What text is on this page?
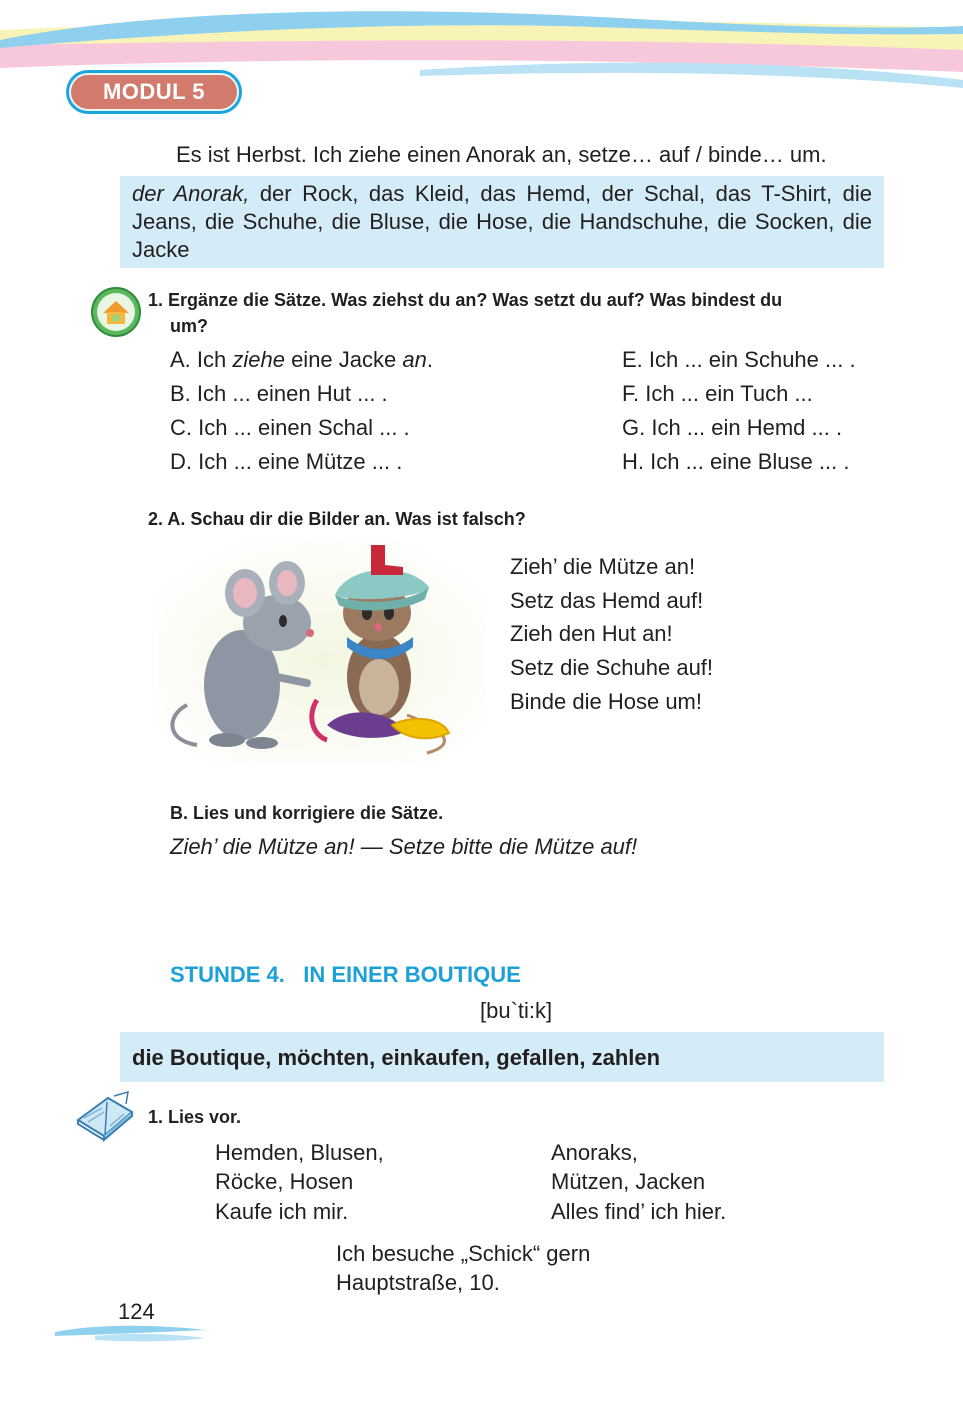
MODUL 5
Es ist Herbst. Ich ziehe einen Anorak an, setze… auf / binde… um.
der Anorak, der Rock, das Kleid, das Hemd, der Schal, das T-Shirt, die Jeans, die Schuhe, die Bluse, die Hose, die Handschuhe, die Socken, die Jacke
1. Ergänze die Sätze. Was ziehst du an? Was setzt du auf? Was bindest du
um?
A. Ich ziehe eine Jacke an.
B. Ich ... einen Hut ... .
C. Ich ... einen Schal ... .
D. Ich ... eine Mütze ... .
E. Ich ... ein Schuhe ... .
F. Ich ... ein Tuch ...
G. Ich ... ein Hemd ... .
H. Ich ... eine Bluse ... .
2. A. Schau dir die Bilder an. Was ist falsch?
Zieh’ die Mütze an!
Setz das Hemd auf!
Zieh den Hut an!
Setz die Schuhe auf!
Binde die Hose um!
B. Lies und korrigiere die Sätze.
Zieh’ die Mütze an! — Setze bitte die Mütze auf!
STUNDE 4.   IN EINER BOUTIQUE
[bu`ti:k]
die Boutique, möchten, einkaufen, gefallen, zahlen
1. Lies vor.
Hemden, Blusen,
Röcke, Hosen
Kaufe ich mir.
Anoraks,
Mützen, Jacken
Alles find’ ich hier.
Ich besuche „Schick“ gern
Hauptstraße, 10.
124
